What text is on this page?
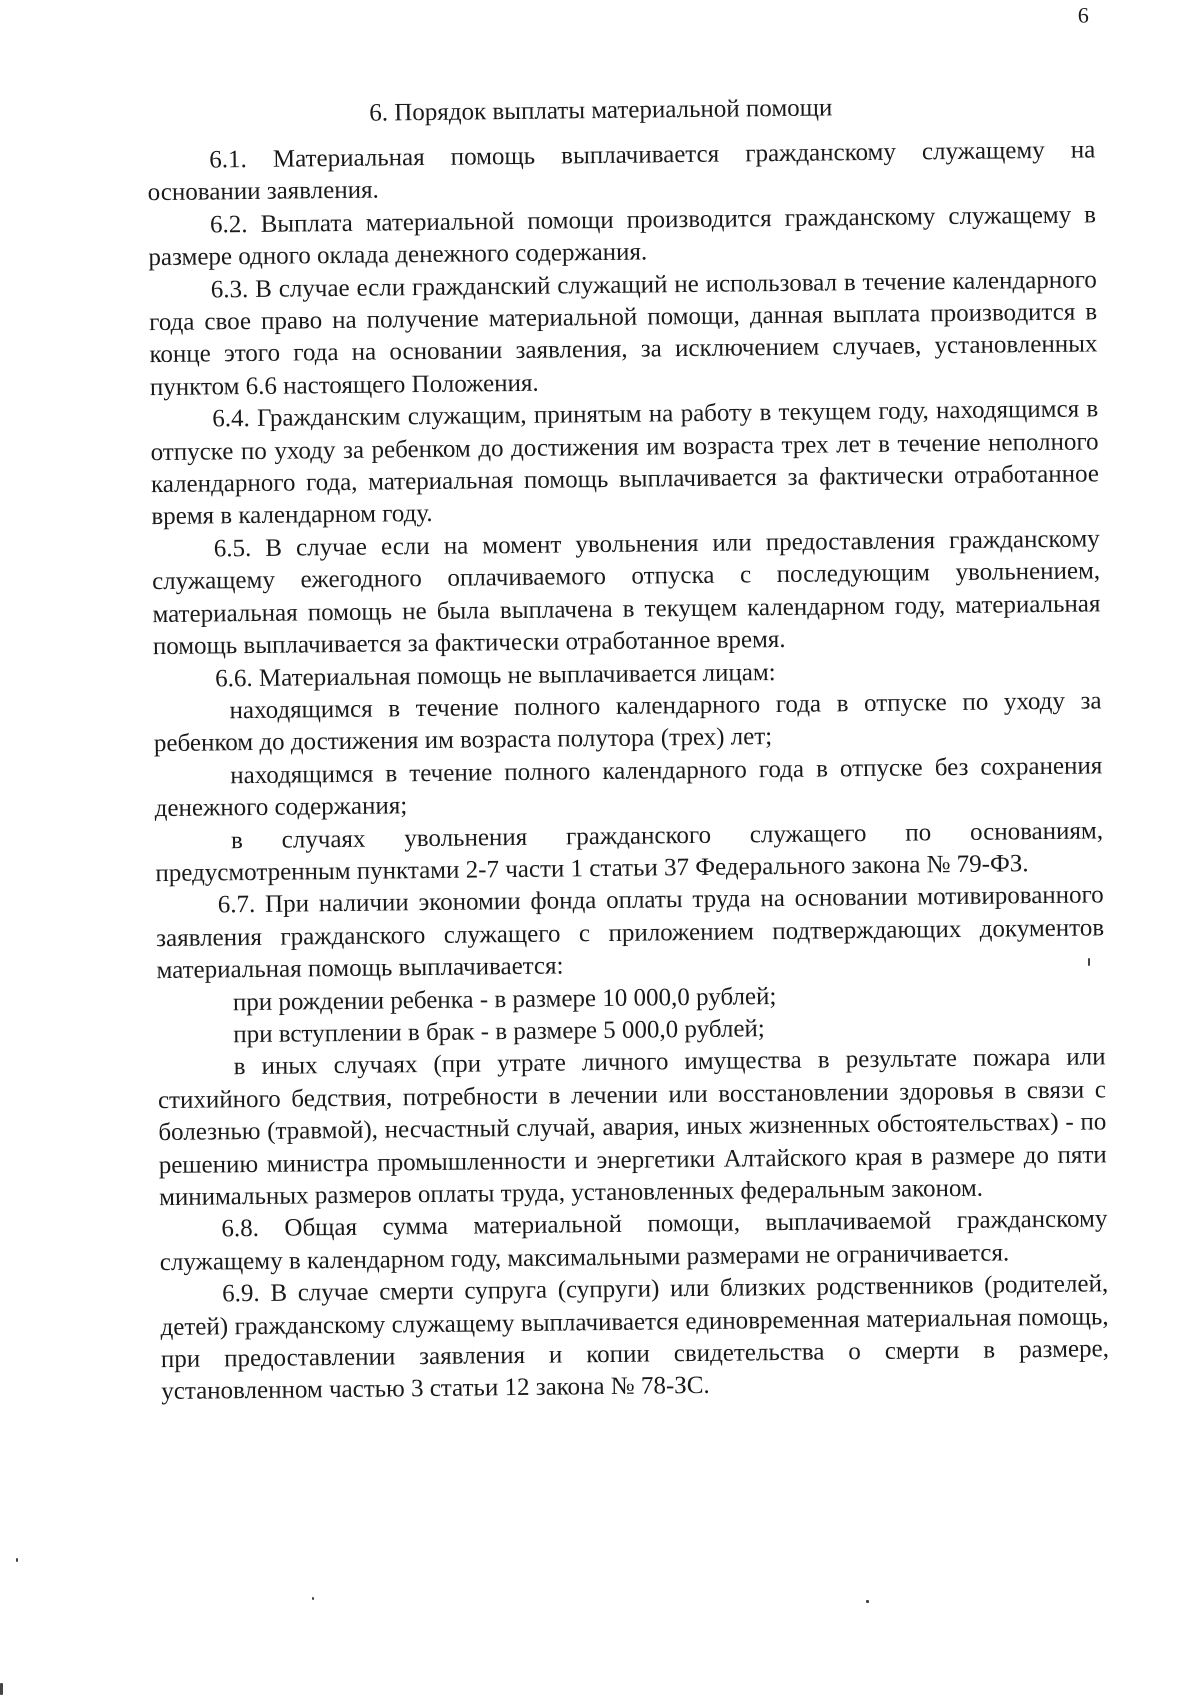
6
6. Порядок выплаты материальной помощи

6.1. Материальная помощь выплачивается гражданскому служащему на основании заявления.

6.2. Выплата материальной помощи производится гражданскому служащему в размере одного оклада денежного содержания.

6.3. В случае если гражданский служащий не использовал в течение календарного года свое право на получение материальной помощи, данная выплата производится в конце этого года на основании заявления, за исключением случаев, установленных пунктом 6.6 настоящего Положения.

6.4. Гражданским служащим, принятым на работу в текущем году, находящимся в отпуске по уходу за ребенком до достижения им возраста трех лет в течение неполного календарного года, материальная помощь выплачивается за фактически отработанное время в календарном году.

6.5. В случае если на момент увольнения или предоставления гражданскому служащему ежегодного оплачиваемого отпуска с последующим увольнением, материальная помощь не была выплачена в текущем календарном году, материальная помощь выплачивается за фактически отработанное время.

6.6. Материальная помощь не выплачивается лицам:

находящимся в течение полного календарного года в отпуске по уходу за ребенком до достижения им возраста полутора (трех) лет;

находящимся в течение полного календарного года в отпуске без сохранения денежного содержания;

в случаях увольнения гражданского служащего по основаниям, предусмотренным пунктами 2-7 части 1 статьи 37 Федерального закона № 79-ФЗ.

6.7. При наличии экономии фонда оплаты труда на основании мотивированного заявления гражданского служащего с приложением подтверждающих документов материальная помощь выплачивается:

при рождении ребенка - в размере 10 000,0 рублей;

при вступлении в брак - в размере 5 000,0 рублей;

в иных случаях (при утрате личного имущества в результате пожара или стихийного бедствия, потребности в лечении или восстановлении здоровья в связи с болезнью (травмой), несчастный случай, авария, иных жизненных обстоятельствах) - по решению министра промышленности и энергетики Алтайского края в размере до пяти минимальных размеров оплаты труда, установленных федеральным законом.

6.8. Общая сумма материальной помощи, выплачиваемой гражданскому служащему в календарном году, максимальными размерами не ограничивается.

6.9. В случае смерти супруга (супруги) или близких родственников (родителей, детей) гражданскому служащему выплачивается единовременная материальная помощь, при предоставлении заявления и копии свидетельства о смерти в размере, установленном частью 3 статьи 12 закона № 78-ЗС.
